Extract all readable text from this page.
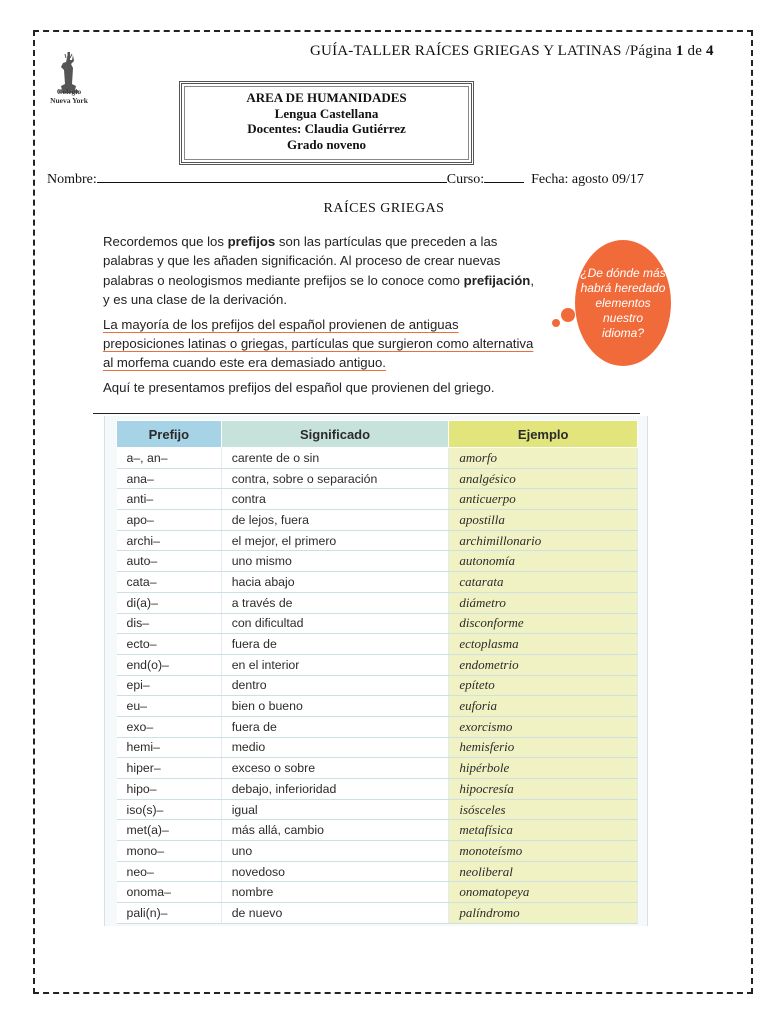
GUÍA-TALLER RAÍCES GRIEGAS Y LATINAS /Página 1 de 4
Colegio
Nueva York	AREA DE HUMANIDADES
Lengua Castellana
Docentes: Claudia Gutiérrez
Grado noveno
Nombre:	Curso:	Fecha: agosto 09/17
RAÍCES GRIEGAS

Recordemos que los prefijos son las partículas que preceden a las palabras y que les añaden significación. Al proceso de crear nuevas palabras o neologismos mediante prefijos se lo conoce como prefijación, y es una clase de la derivación.

La mayoría de los prefijos del español provienen de antiguas preposiciones latinas o griegas, partículas que surgieron como alternativa al morfema cuando este era demasiado antiguo.

Aquí te presentamos prefijos del español que provienen del griego.

¿De dónde más
habrá heredado
elementos nuestro
idioma?
Prefijo	Significado	Ejemplo
a–, an–	carente de o sin	amorfo
ana–	contra, sobre o separación	analgésico
anti–	contra	anticuerpo
apo–	de lejos, fuera	apostilla
archi–	el mejor, el primero	archimillonario
auto–	uno mismo	autonomía
cata–	hacia abajo	catarata
di(a)–	a través de	diámetro
dis–	con dificultad	disconforme
ecto–	fuera de	ectoplasma
end(o)–	en el interior	endometrio
epi–	dentro	epíteto
eu–	bien o bueno	euforia
exo–	fuera de	exorcismo
hemi–	medio	hemisferio
hiper–	exceso o sobre	hipérbole
hipo–	debajo, inferioridad	hipocresía
iso(s)–	igual	isósceles
met(a)–	más allá, cambio	metafísica
mono–	uno	monoteísmo
neo–	novedoso	neoliberal
onoma–	nombre	onomatopeya
pali(n)–	de nuevo	palíndromo
